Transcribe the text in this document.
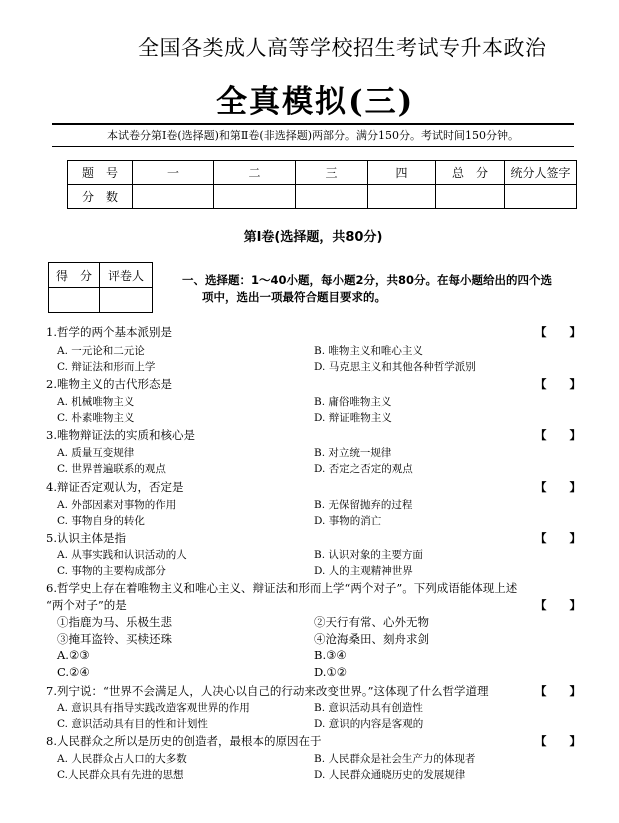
全国各类成人高等学校招生考试专升本政治
全真模拟(三)
本试卷分第Ⅰ卷(选择题)和第Ⅱ卷(非选择题)两部分。满分150分。考试时间150分钟。
题　号	一	二	三	四	总　分	统分人签字
分　数						
第Ⅰ卷(选择题，共80分)
得　分	评卷人
		一、选择题：1～40小题，每小题2分，共80分。在每小题给出的四个选
项中，选出一项最符合题目要求的。
1.哲学的两个基本派别是	【　　】
A. 一元论和二元论	B. 唯物主义和唯心主义
C. 辩证法和形而上学	D. 马克思主义和其他各种哲学派别
2.唯物主义的古代形态是	【　　】
A. 机械唯物主义	B. 庸俗唯物主义
C. 朴素唯物主义	D. 辩证唯物主义
3.唯物辩证法的实质和核心是	【　　】
A. 质量互变规律	B. 对立统一规律
C. 世界普遍联系的观点	D. 否定之否定的观点
4.辩证否定观认为，否定是	【　　】
A. 外部因素对事物的作用	B. 无保留抛弃的过程
C. 事物自身的转化	D. 事物的消亡
5.认识主体是指	【　　】
A. 从事实践和认识活动的人	B. 认识对象的主要方面
C. 事物的主要构成部分	D. 人的主观精神世界
6.哲学史上存在着唯物主义和唯心主义、辩证法和形而上学“两个对子”。下列成语能体现上述
“两个对子”的是	【　　】
①指鹿为马、乐极生悲	②天行有常、心外无物
③掩耳盗铃、买椟还珠	④沧海桑田、刻舟求剑
A.②③	B.③④
C.②④	D.①②
7.列宁说：“世界不会满足人，人决心以自己的行动来改变世界。”这体现了什么哲学道理	【　　】
A. 意识具有指导实践改造客观世界的作用	B. 意识活动具有创造性
C. 意识活动具有目的性和计划性	D. 意识的内容是客观的
8.人民群众之所以是历史的创造者，最根本的原因在于	【　　】
A. 人民群众占人口的大多数	B. 人民群众是社会生产力的体现者
C.人民群众具有先进的思想	D. 人民群众通晓历史的发展规律
